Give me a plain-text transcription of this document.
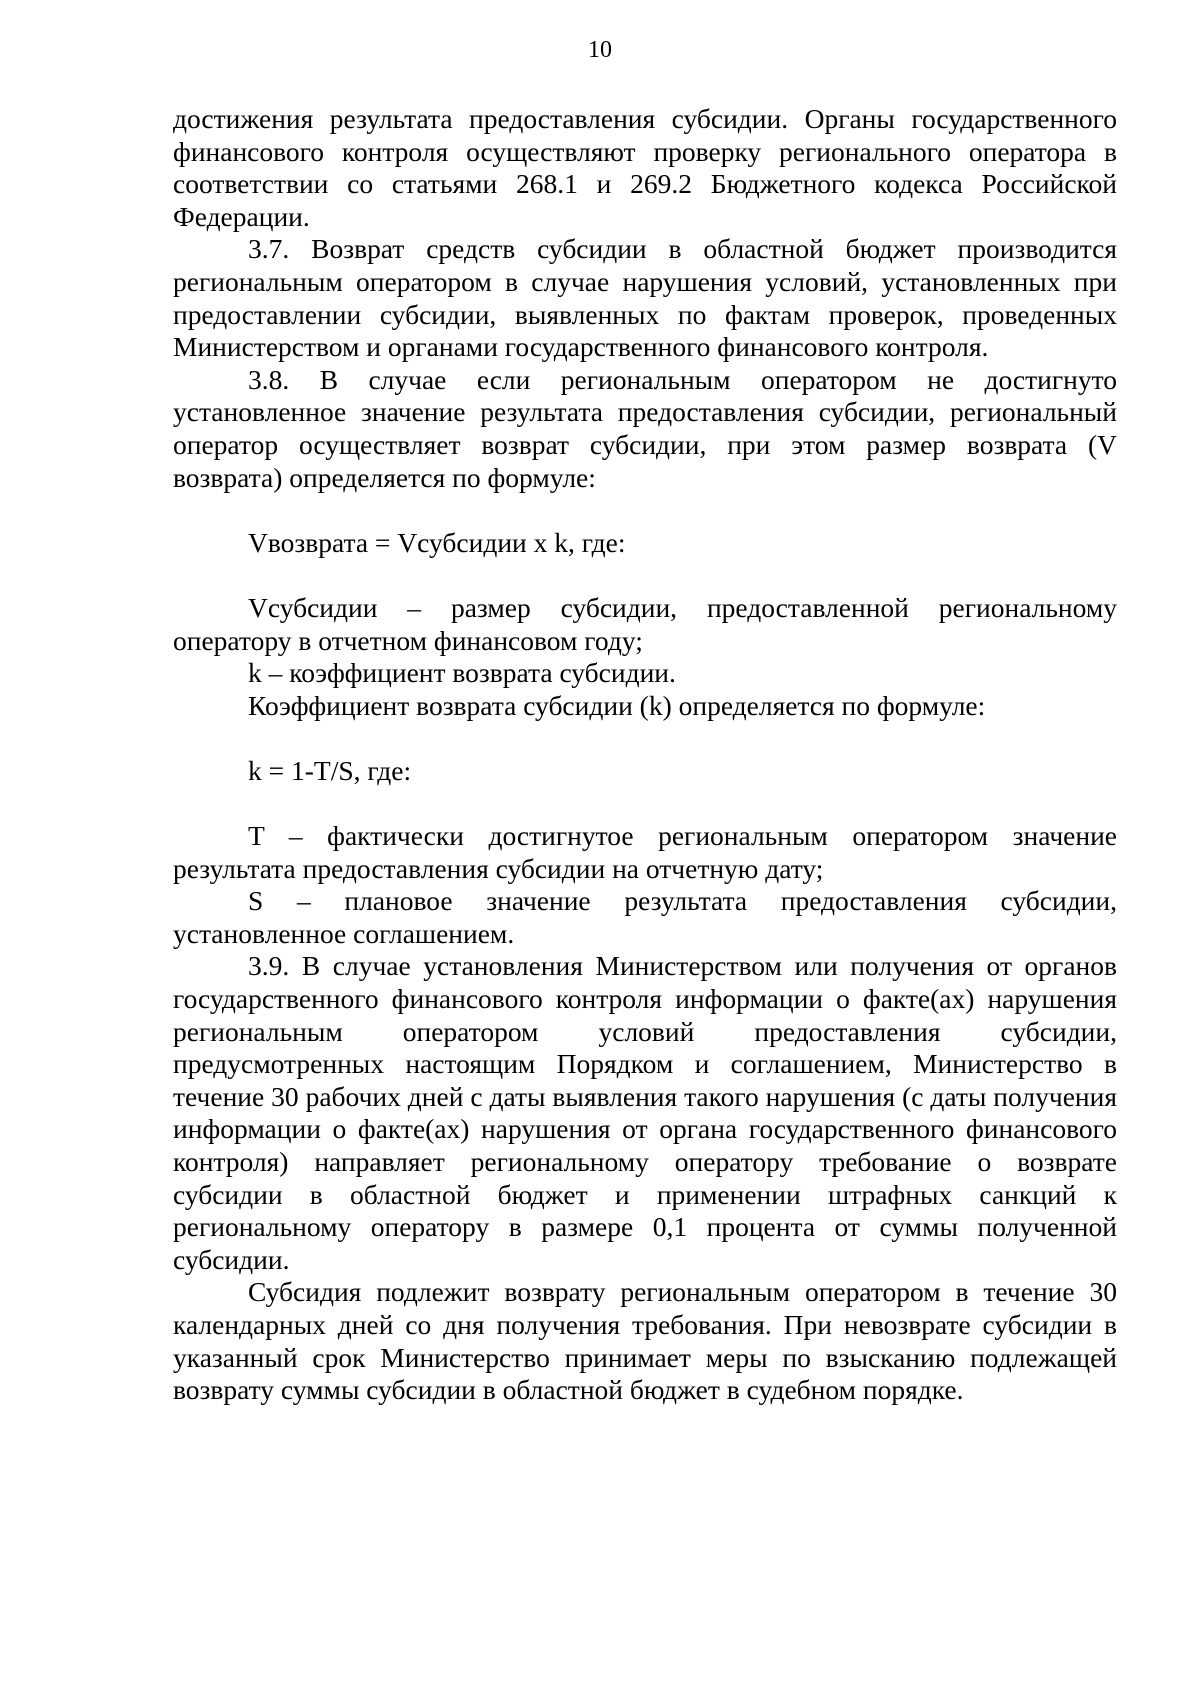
10

достижения результата предоставления субсидии. Органы государственного финансового контроля осуществляют проверку регионального оператора в соответствии со статьями 268.1 и 269.2 Бюджетного кодекса Российской Федерации.

3.7. Возврат средств субсидии в областной бюджет производится региональным оператором в случае нарушения условий, установленных при предоставлении субсидии, выявленных по фактам проверок, проведенных Министерством и органами государственного финансового контроля.

3.8. В случае если региональным оператором не достигнуто установленное значение результата предоставления субсидии, региональный оператор осуществляет возврат субсидии, при этом размер возврата (V возврата) определяется по формуле:

Vвозврата = Vсубсидии x k, где:

Vсубсидии – размер субсидии, предоставленной региональному оператору в отчетном финансовом году;

k – коэффициент возврата субсидии.

Коэффициент возврата субсидии (k) определяется по формуле:

k = 1-T/S, где:

T – фактически достигнутое региональным оператором значение результата предоставления субсидии на отчетную дату;

S – плановое значение результата предоставления субсидии, установленное соглашением.

3.9. В случае установления Министерством или получения от органов государственного финансового контроля информации о факте(ах) нарушения региональным оператором условий предоставления субсидии, предусмотренных настоящим Порядком и соглашением, Министерство в течение 30 рабочих дней с даты выявления такого нарушения (с даты получения информации о факте(ах) нарушения от органа государственного финансового контроля) направляет региональному оператору требование о возврате субсидии в областной бюджет и применении штрафных санкций к региональному оператору в размере 0,1 процента от суммы полученной субсидии.

Субсидия подлежит возврату региональным оператором в течение 30 календарных дней со дня получения требования. При невозврате субсидии в указанный срок Министерство принимает меры по взысканию подлежащей возврату суммы субсидии в областной бюджет в судебном порядке.
